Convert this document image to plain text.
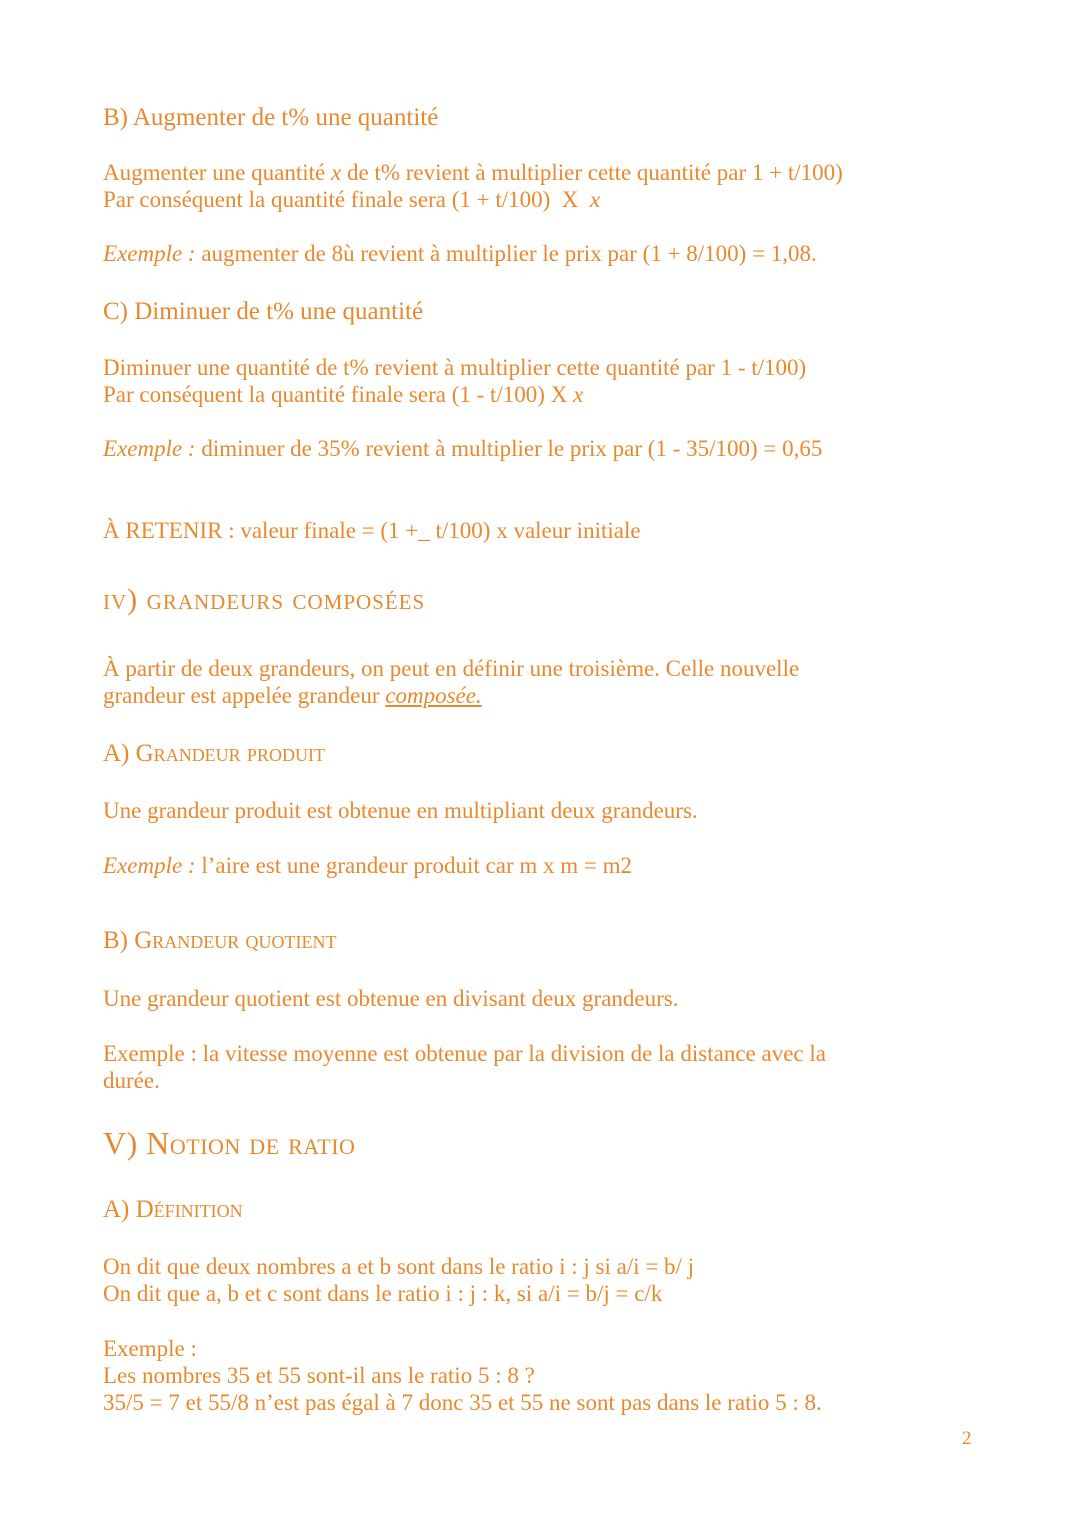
B) Augmenter de t% une quantité
Augmenter une quantité x de t% revient à multiplier cette quantité par 1 + t/100)
Par conséquent la quantité finale sera (1 + t/100)  X  x
Exemple : augmenter de 8ù revient à multiplier le prix par (1 + 8/100) = 1,08.
C) Diminuer de t% une quantité
Diminuer une quantité de t% revient à multiplier cette quantité par 1 - t/100)
Par conséquent la quantité finale sera (1 - t/100) X x
Exemple : diminuer de 35% revient à multiplier le prix par (1 - 35/100) = 0,65
À RETENIR : valeur finale = (1 +_ t/100) x valeur initiale
iv) grandeurs composées
À partir de deux grandeurs, on peut en définir une troisième. Celle nouvelle
grandeur est appelée grandeur composée.
A) Grandeur produit
Une grandeur produit est obtenue en multipliant deux grandeurs.
Exemple : l’aire est une grandeur produit car m x m = m2
B) Grandeur quotient
Une grandeur quotient est obtenue en divisant deux grandeurs.
Exemple : la vitesse moyenne est obtenue par la division de la distance avec la
durée.
V) Notion de ratio
A) Définition
On dit que deux nombres a et b sont dans le ratio i : j si a/i = b/ j
On dit que a, b et c sont dans le ratio i : j : k, si a/i = b/j = c/k
Exemple :
Les nombres 35 et 55 sont-il ans le ratio 5 : 8 ?
35/5 = 7 et 55/8 n’est pas égal à 7 donc 35 et 55 ne sont pas dans le ratio 5 : 8.
2
